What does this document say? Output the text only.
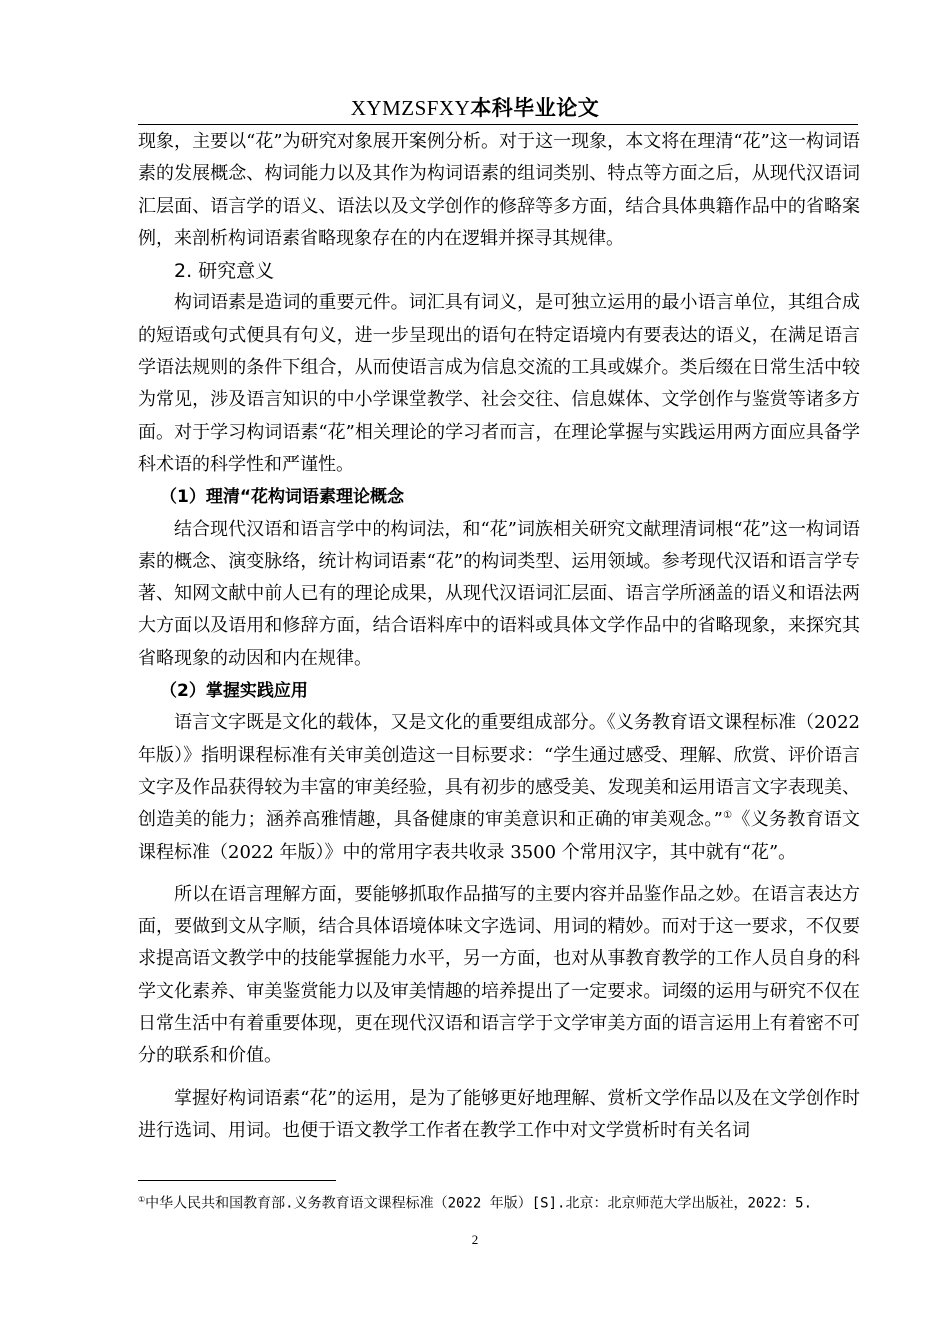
XYMZSFXY本科毕业论文

现象，主要以“花”为研究对象展开案例分析。对于这一现象，本文将在理清“花”这一构词语素的发展概念、构词能力以及其作为构词语素的组词类别、特点等方面之后，从现代汉语词汇层面、语言学的语义、语法以及文学创作的修辞等多方面，结合具体典籍作品中的省略案例，来剖析构词语素省略现象存在的内在逻辑并探寻其规律。

2. 研究意义

构词语素是造词的重要元件。词汇具有词义，是可独立运用的最小语言单位，其组合成的短语或句式便具有句义，进一步呈现出的语句在特定语境内有要表达的语义，在满足语言学语法规则的条件下组合，从而使语言成为信息交流的工具或媒介。类后缀在日常生活中较为常见，涉及语言知识的中小学课堂教学、社会交往、信息媒体、文学创作与鉴赏等诸多方面。对于学习构词语素“花”相关理论的学习者而言，在理论掌握与实践运用两方面应具备学科术语的科学性和严谨性。

（1）理清“花构词语素理论概念

结合现代汉语和语言学中的构词法，和“花”词族相关研究文献理清词根“花”这一构词语素的概念、演变脉络，统计构词语素“花”的构词类型、运用领域。参考现代汉语和语言学专著、知网文献中前人已有的理论成果，从现代汉语词汇层面、语言学所涵盖的语义和语法两大方面以及语用和修辞方面，结合语料库中的语料或具体文学作品中的省略现象，来探究其省略现象的动因和内在规律。

（2）掌握实践应用

语言文字既是文化的载体，又是文化的重要组成部分。《义务教育语文课程标准（2022 年版）》指明课程标准有关审美创造这一目标要求：“学生通过感受、理解、欣赏、评价语言文字及作品获得较为丰富的审美经验，具有初步的感受美、发现美和运用语言文字表现美、创造美的能力；涵养高雅情趣，具备健康的审美意识和正确的审美观念。”①《义务教育语文课程标准（2022 年版）》中的常用字表共收录 3500 个常用汉字，其中就有“花”。

所以在语言理解方面，要能够抓取作品描写的主要内容并品鉴作品之妙。在语言表达方面，要做到文从字顺，结合具体语境体味文字选词、用词的精妙。而对于这一要求，不仅要求提高语文教学中的技能掌握能力水平，另一方面，也对从事教育教学的工作人员自身的科学文化素养、审美鉴赏能力以及审美情趣的培养提出了一定要求。词缀的运用与研究不仅在日常生活中有着重要体现，更在现代汉语和语言学于文学审美方面的语言运用上有着密不可分的联系和价值。

掌握好构词语素“花”的运用，是为了能够更好地理解、赏析文学作品以及在文学创作时进行选词、用词。也便于语文教学工作者在教学工作中对文学赏析时有关名词

①中华人民共和国教育部.义务教育语文课程标准（2022 年版）[S].北京：北京师范大学出版社，2022：5.
2
